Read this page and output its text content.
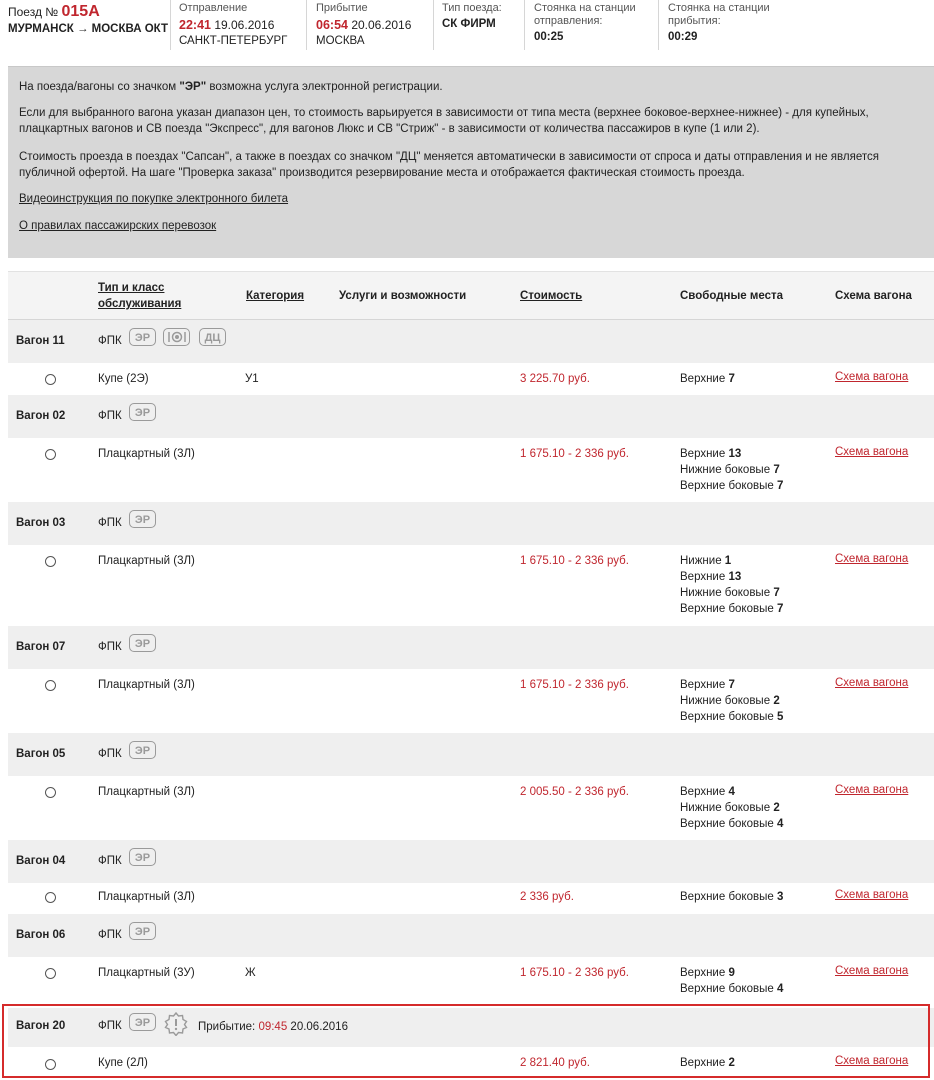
Поезд № 015А
МУРМАНСК → МОСКВА ОКТ
Отправление
22:41 19.06.2016
САНКТ-ПЕТЕРБУРГ
Прибытие
06:54 20.06.2016
МОСКВА
Тип поезда:
СК ФИРМ
Стоянка на станции отправления:
00:25
Стоянка на станции прибытия:
00:29

На поезда/вагоны со значком "ЭР" возможна услуга электронной регистрации.

Если для выбранного вагона указан диапазон цен, то стоимость варьируется в зависимости от типа места (верхнее боковое-верхнее-нижнее) - для купейных, плацкартных вагонов и СВ поезда "Экспресс", для вагонов Люкс и СВ "Стриж" - в зависимости от количества пассажиров в купе (1 или 2).

Стоимость проезда в поездах "Сапсан", а также в поездах со значком "ДЦ" меняется автоматически в зависимости от спроса и даты отправления и не является публичной офертой. На шаге "Проверка заказа" производится резервирование места и отображается фактическая стоимость проезда.

Видеоинструкция по покупке электронного билета
О правилах пассажирских перевозок
Тип и класс обслуживания
Категория	Услуги и возможности	Стоимость	Свободные места	Схема вагона
Вагон 11	ФПК	ЭР	ДЦ
Купе (2Э)	У1	3 225.70 руб.	Верхние 7	Схема вагона
Вагон 02	ФПК	ЭР
Плацкартный (3Л)	1 675.10 - 2 336 руб.	Верхние 13
Нижние боковые 7
Верхние боковые 7
Схема вагона
Вагон 03	ФПК	ЭР
Плацкартный (3Л)	1 675.10 - 2 336 руб.	Нижние 1
Верхние 13
Нижние боковые 7
Верхние боковые 7
Схема вагона
Вагон 07	ФПК	ЭР
Плацкартный (3Л)	1 675.10 - 2 336 руб.	Верхние 7
Нижние боковые 2
Верхние боковые 5
Схема вагона
Вагон 05	ФПК	ЭР
Плацкартный (3Л)	2 005.50 - 2 336 руб.	Верхние 4
Нижние боковые 2
Верхние боковые 4
Схема вагона
Вагон 04	ФПК	ЭР
Плацкартный (3Л)	2 336 руб.	Верхние боковые 3	Схема вагона
Вагон 06	ФПК	ЭР
Плацкартный (3У)	Ж	1 675.10 - 2 336 руб.	Верхние 9
Верхние боковые 4
Схема вагона
Вагон 20	ФПК	ЭР	Прибытие: 09:45 20.06.2016
Купе (2Л)	2 821.40 руб.	Верхние 2	Схема вагона
